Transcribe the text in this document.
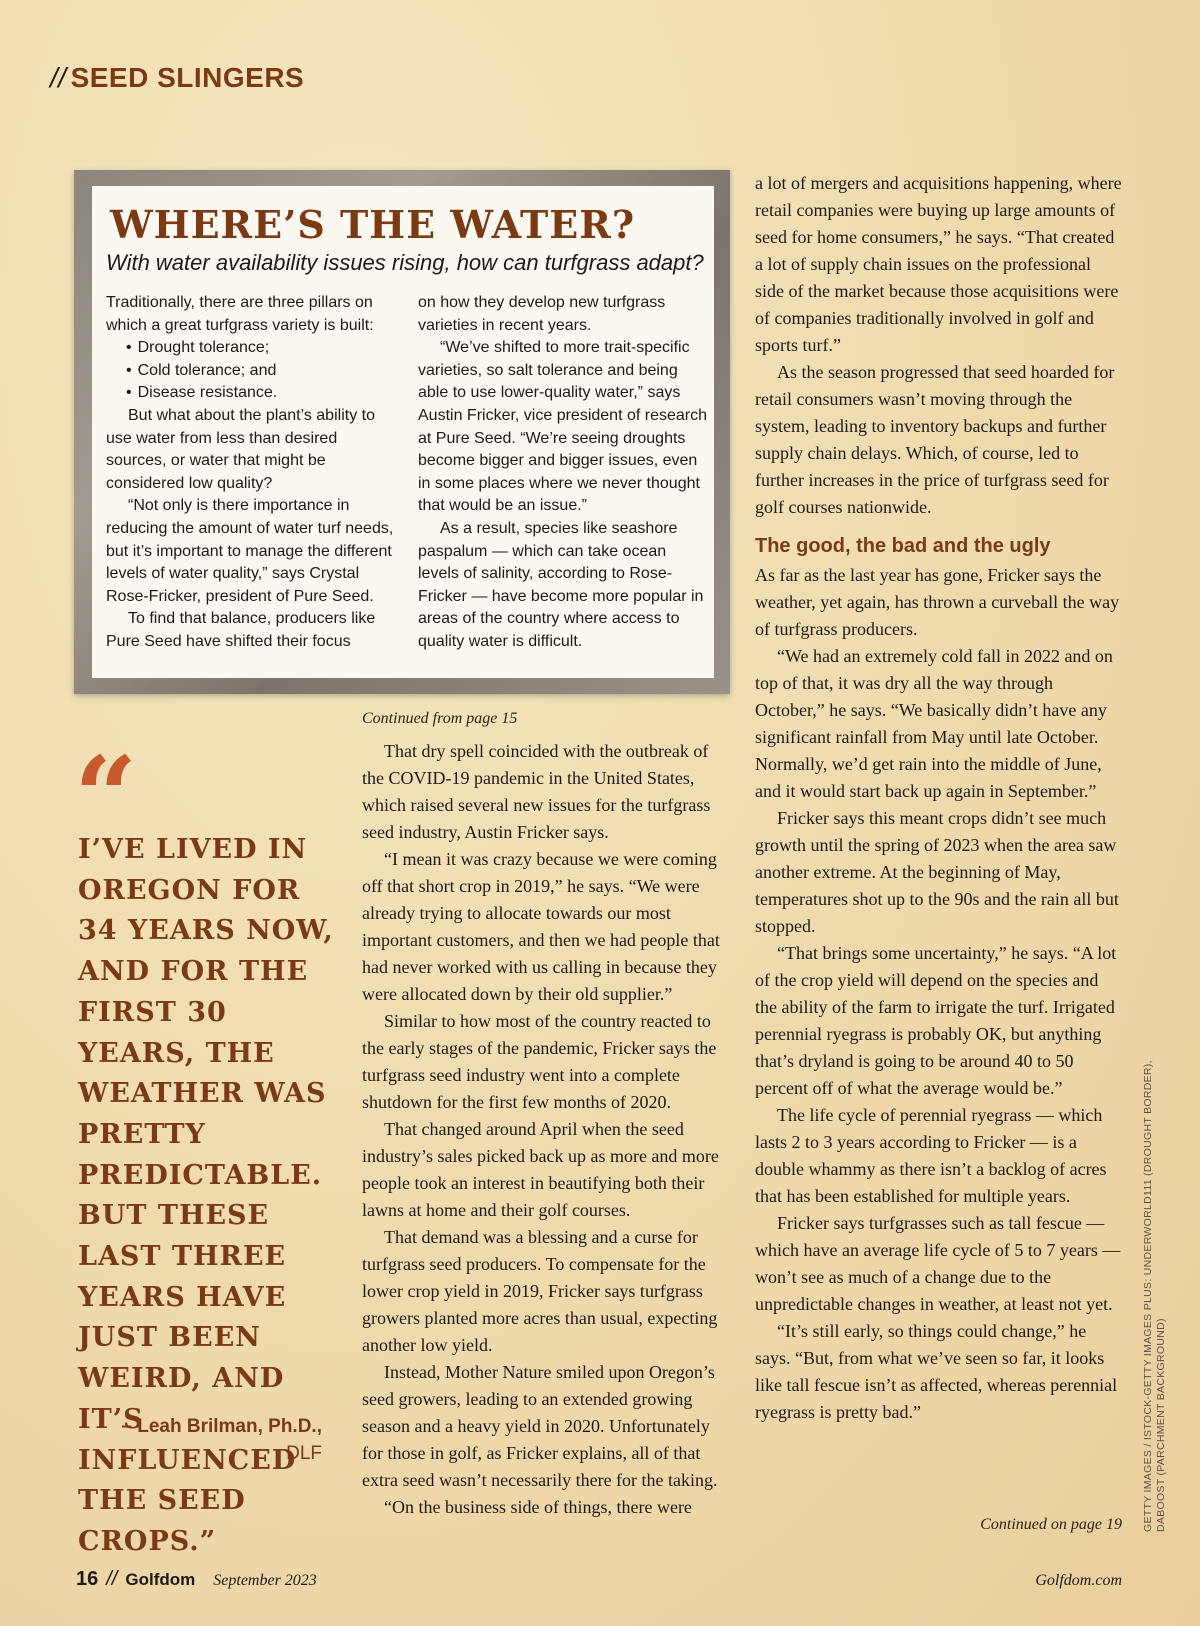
// SEED SLINGERS
WHERE’S THE WATER?
With water availability issues rising, how can turfgrass adapt?

Traditionally, there are three pillars on which a great turfgrass variety is built:

• Drought tolerance;
• Cold tolerance; and
• Disease resistance.

But what about the plant’s ability to use water from less than desired sources, or water that might be considered low quality?

“Not only is there importance in reducing the amount of water turf needs, but it’s important to manage the different levels of water quality,” says Crystal Rose-Fricker, president of Pure Seed.

To find that balance, producers like Pure Seed have shifted their focus

on how they develop new turfgrass varieties in recent years.

“We’ve shifted to more trait-specific varieties, so salt tolerance and being able to use lower-quality water,” says Austin Fricker, vice president of research at Pure Seed. “We’re seeing droughts become bigger and bigger issues, even in some places where we never thought that would be an issue.”

As a result, species like seashore paspalum — which can take ocean levels of salinity, according to Rose-Fricker — have become more popular in areas of the country where access to quality water is difficult.

“
I’VE LIVED IN OREGON FOR 34 YEARS NOW, AND FOR THE FIRST 30 YEARS, THE WEATHER WAS PRETTY PREDICTABLE. BUT THESE LAST THREE YEARS HAVE JUST BEEN WEIRD, AND IT’S INFLUENCED THE SEED CROPS.”
– Leah Brilman, Ph.D.,
DLF
Continued from page 15

That dry spell coincided with the outbreak of the COVID-19 pandemic in the United States, which raised several new issues for the turfgrass seed industry, Austin Fricker says.

“I mean it was crazy because we were coming off that short crop in 2019,” he says. “We were already trying to allocate towards our most important customers, and then we had people that had never worked with us calling in because they were allocated down by their old supplier.”

Similar to how most of the country reacted to the early stages of the pandemic, Fricker says the turfgrass seed industry went into a complete shutdown for the first few months of 2020.

That changed around April when the seed industry’s sales picked back up as more and more people took an interest in beautifying both their lawns at home and their golf courses.

That demand was a blessing and a curse for turfgrass seed producers. To compensate for the lower crop yield in 2019, Fricker says turfgrass growers planted more acres than usual, expecting another low yield.

Instead, Mother Nature smiled upon Oregon’s seed growers, leading to an extended growing season and a heavy yield in 2020. Unfortunately for those in golf, as Fricker explains, all of that extra seed wasn’t necessarily there for the taking.

“On the business side of things, there were

a lot of mergers and acquisitions happening, where retail companies were buying up large amounts of seed for home consumers,” he says. “That created a lot of supply chain issues on the professional side of the market because those acquisitions were of companies traditionally involved in golf and sports turf.”

As the season progressed that seed hoarded for retail consumers wasn’t moving through the system, leading to inventory backups and further supply chain delays. Which, of course, led to further increases in the price of turfgrass seed for golf courses nationwide.

The good, the bad and the ugly

As far as the last year has gone, Fricker says the weather, yet again, has thrown a curveball the way of turfgrass producers.

“We had an extremely cold fall in 2022 and on top of that, it was dry all the way through October,” he says. “We basically didn’t have any significant rainfall from May until late October. Normally, we’d get rain into the middle of June, and it would start back up again in September.”

Fricker says this meant crops didn’t see much growth until the spring of 2023 when the area saw another extreme. At the beginning of May, temperatures shot up to the 90s and the rain all but stopped.

“That brings some uncertainty,” he says. “A lot of the crop yield will depend on the species and the ability of the farm to irrigate the turf. Irrigated perennial ryegrass is probably OK, but anything that’s dryland is going to be around 40 to 50 percent off of what the average would be.”

The life cycle of perennial ryegrass — which lasts 2 to 3 years according to Fricker — is a double whammy as there isn’t a backlog of acres that has been established for multiple years.

Fricker says turfgrasses such as tall fescue — which have an average life cycle of 5 to 7 years — won’t see as much of a change due to the unpredictable changes in weather, at least not yet.

“It’s still early, so things could change,” he says. “But, from what we’ve seen so far, it looks like tall fescue isn’t as affected, whereas perennial ryegrass is pretty bad.”

Continued on page 19 GETTY IMAGES / ISTOCK-GETTY IMAGES PLUS: UNDERWORLD111 (DROUGHT BORDER), DABOOST (PARCHMENT BACKGROUND)
16 // Golfdom September 2023	Golfdom.com
